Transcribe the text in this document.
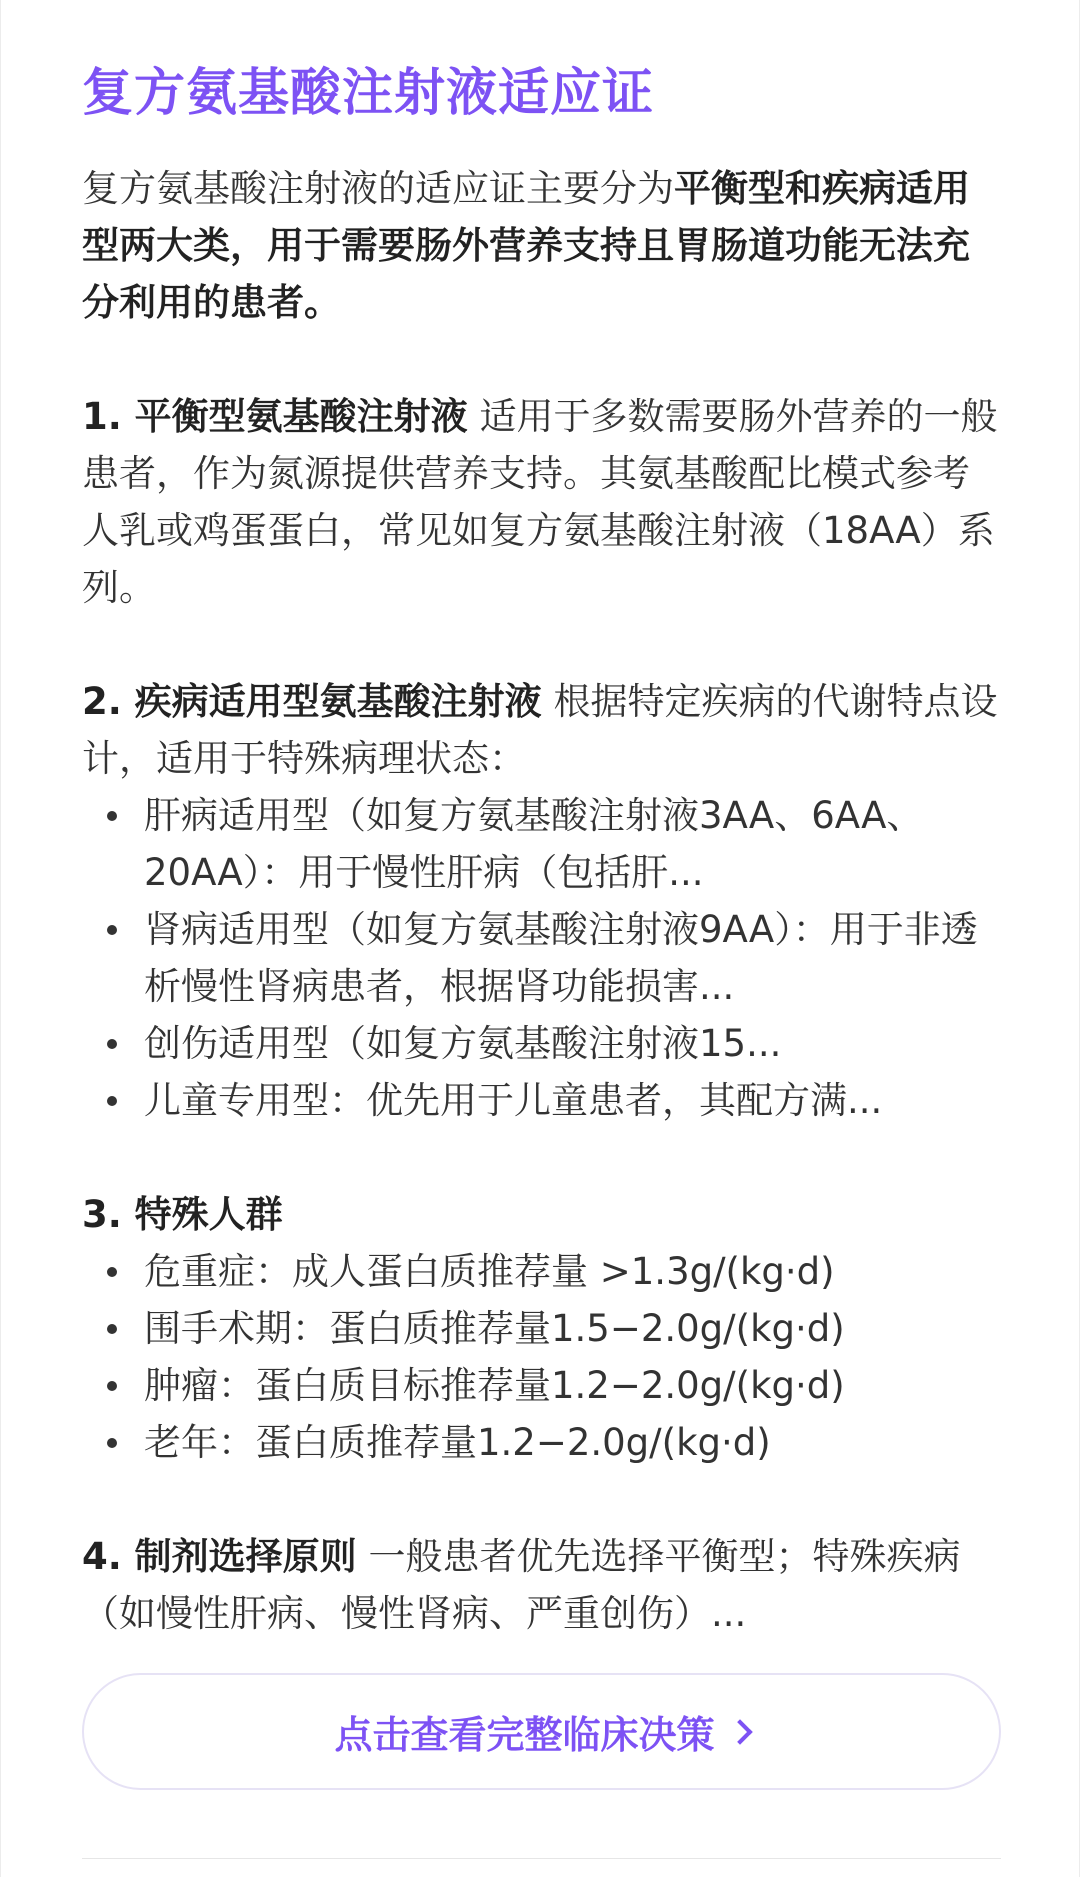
复方氨基酸注射液适应证

复方氨基酸注射液的适应证主要分为平衡型和疾病适用型两大类，用于需要肠外营养支持且胃肠道功能无法充分利用的患者。

1. 平衡型氨基酸注射液 适用于多数需要肠外营养的一般患者，作为氮源提供营养支持。其氨基酸配比模式参考人乳或鸡蛋蛋白，常见如复方氨基酸注射液（18AA）系列。

2. 疾病适用型氨基酸注射液 根据特定疾病的代谢特点设计，适用于特殊病理状态：

肝病适用型（如复方氨基酸注射液3AA、6AA、20AA）：用于慢性肝病（包括肝...
肾病适用型（如复方氨基酸注射液9AA）：用于非透析慢性肾病患者，根据肾功能损害...
创伤适用型（如复方氨基酸注射液15...
儿童专用型：优先用于儿童患者，其配方满...

3. 特殊人群

危重症：成人蛋白质推荐量 >1.3g/(kg·d)
围手术期：蛋白质推荐量1.5−2.0g/(kg·d)
肿瘤：蛋白质目标推荐量1.2−2.0g/(kg·d)
老年：蛋白质推荐量1.2−2.0g/(kg·d)

4. 制剂选择原则 一般患者优先选择平衡型；特殊疾病（如慢性肝病、慢性肾病、严重创伤）...

点击查看完整临床决策
